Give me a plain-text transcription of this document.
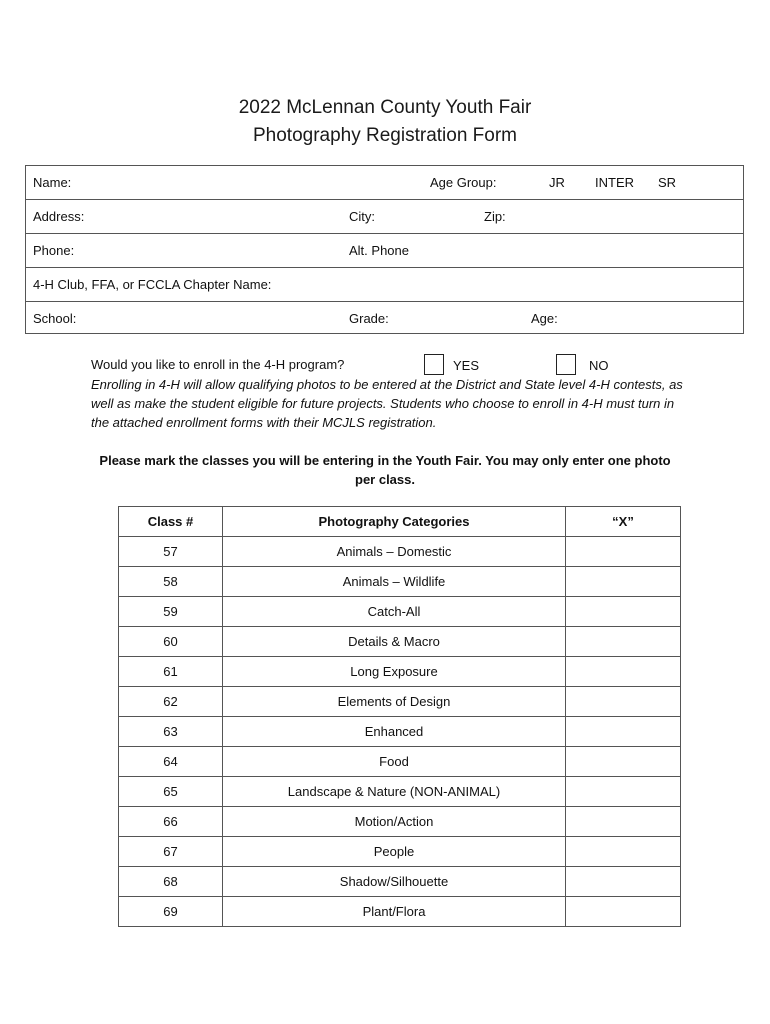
2022 McLennan County Youth Fair
Photography Registration Form
Name:	Age Group:	JR INTER SR
Address:	City:	Zip:
Phone:	Alt. Phone
4-H Club, FFA, or FCCLA Chapter Name:
School:	Grade:	Age:
Would you like to enroll in the 4-H program?	YES	NO
Enrolling in 4-H will allow qualifying photos to be entered at the District and State level 4-H contests, as well as make the student eligible for future projects. Students who choose to enroll in 4-H must turn in the attached enrollment forms with their MCJLS registration.
Please mark the classes you will be entering in the Youth Fair. You may only enter one photo per class.
Class #	Photography Categories	“X”
57	Animals – Domestic	
58	Animals – Wildlife	
59	Catch-All	
60	Details & Macro	
61	Long Exposure	
62	Elements of Design	
63	Enhanced	
64	Food	
65	Landscape & Nature (NON-ANIMAL)	
66	Motion/Action	
67	People	
68	Shadow/Silhouette	
69	Plant/Flora	
